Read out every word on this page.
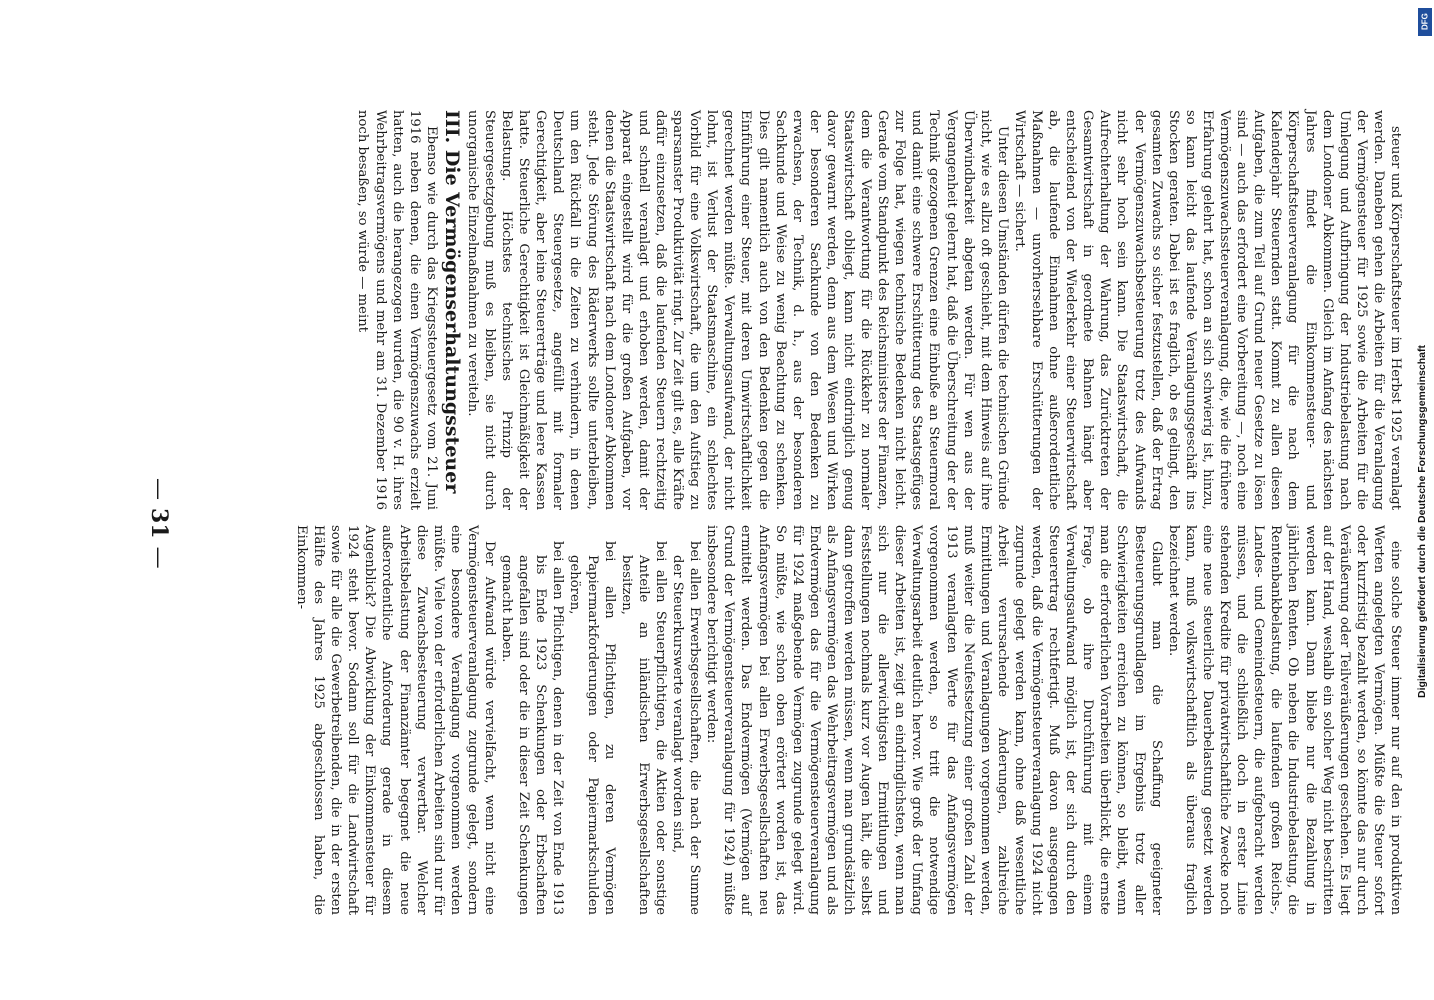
—31—	eine solche Steuer immer nur auf den in produktiven Werten angelegten Vermögen. Müßte die Steuer sofort oder kurzfristig bezahlt werden, so könnte das nur durch Veräußerung oder Teilveräußerungen geschehen. Es liegt auf der Hand, weshalb ein solcher Weg nicht beschritten werden kann. Dann bliebe nur die Bezahlung in jährlichen Renten. Ob neben die Industriebelastung, die Rentenbankbelastung, die laufenden großen Reichs-, Landes- und Gemeindesteuern, die aufgebracht werden müssen, und die schließlich doch in erster Linie stehenden Kredite für privatwirtschaftliche Zwecke noch eine neue steuerliche Dauerbelastung gesetzt werden kann, muß volkswirtschaftlich als überaus fraglich bezeichnet werden.

Glaubt man die Schaffung geeigneter Besteuerungsgrundlagen im Ergebnis trotz aller Schwierigkeiten erreichen zu können, so bleibt, wenn man die erforderlichen Vorarbeiten überblickt, die ernste Frage, ob ihre Durchführung mit einem Verwaltungsaufwand möglich ist, der sich durch den Steuerertrag rechtfertigt. Muß davon ausgegangen werden, daß die Vermögensteuerveranlagung 1924 nicht zugrunde gelegt werden kann, ohne daß wesentliche Arbeit verursachende Änderungen, zahlreiche Ermittlungen und Veranlagungen vorgenommen werden, muß weiter die Neufestsetzung einer großen Zahl der 1913 veranlagten Werte für das Anfangsvermögen vorgenommen werden, so tritt die notwendige Verwaltungsarbeit deutlich hervor. Wie groß der Umfang dieser Arbeiten ist, zeigt an eindringlichsten, wenn man sich nur die allerwichtigsten Ermittlungen und Feststellungen nochmals kurz vor Augen hält, die selbst dann getroffen werden müssen, wenn man grundsätzlich als Anfangsvermögen das Wehrbeitragsvermögen und als Endvermögen das für die Vermögensteuerveranlagung für 1924 maßgebende Vermögen zugrunde gelegt wird. So müßte, wie schon oben erörtert worden ist, das Anfangsvermögen bei allen Erwerbsgesellschaften neu ermittelt werden. Das Endvermögen (Vermögen auf Grund der Vermögensteuerveranlagung für 1924) müßte insbesondere berichtigt werden:

bei allen Erwerbsgesellschaften, die nach der Summe der Steuerkurswerte veranlagt worden sind,
bei allen Steuerpflichtigen, die Aktien oder sonstige Anteile an inländischen Erwerbsgesellschaften besitzen,
bei allen Pflichtigen, zu deren Vermögen Papiermarkforderungen oder Papiermarkschulden gehören,
bei allen Pflichtigen, denen in der Zeit von Ende 1913 bis Ende 1923 Schenkungen oder Erbschaften angefallen sind oder die in dieser Zeit Schenkungen gemacht haben.

Der Aufwand würde vervielfacht, wenn nicht eine Vermögensteuerveranlagung zugrunde gelegt, sondern eine besondere Veranlagung vorgenommen werden müßte. Viele von der erforderlichen Arbeiten sind nur für diese Zuwachsbesteuerung verwertbar. Welcher Arbeitsbelastung der Finanzämter begegnet die neue außerordentliche Anforderung gerade in diesem Augenblick? Die Abwicklung der Einkommensteuer für 1924 steht bevor. Sodann soll für die Landwirtschaft sowie für alle die Gewerbetreibenden, die in der ersten Hälfte des Jahres 1925 abgeschlossen haben, die Einkommen-

steuer und Körperschaftsteuer im Herbst 1925 veranlagt werden. Daneben gehen die Arbeiten für die Veranlagung der Vermögensteuer für 1925 sowie die Arbeiten für die Umlegung und Aufbringung der Industriebelastung nach dem Londoner Abkommen. Gleich im Anfang des nächsten Jahres findet die Einkommensteuer- und Körperschaftsteuerveranlagung für die nach dem Kalenderjahr Steuernden statt. Kommt zu allen diesen Aufgaben, die zum Teil auf Grund neuer Gesetze zu lösen sind — auch das erfordert eine Vorbereitung —, noch eine Vermögenszuwachssteuerveranlagung, die, wie die frühere Erfahrung gelehrt hat, schon an sich schwierig ist, hinzu, so kann leicht das laufende Veranlagungsgeschäft ins Stocken geraten. Dabei ist es fraglich, ob es gelingt, den gesamten Zuwachs so sicher festzustellen, daß der Ertrag der Vermögenszuwachsbesteuerung trotz des Aufwands nicht sehr hoch sein kann. Die Staatswirtschaft, die Aufrechterhaltung der Wahrung, das Zurücktreten der Gesamtwirtschaft in geordnete Bahnen hängt aber entscheidend von der Wiederkehr einer Steuerwirtschaft ab, die laufende Einnahmen ohne außerordentliche Maßnahmen — unvorhersehbare Erschütterungen der Wirtschaft — sichert.

Unter diesen Umständen dürfen die technischen Gründe nicht, wie es allzu oft geschieht, mit dem Hinweis auf ihre Überwindbarkeit abgetan werden. Für wen aus der Vergangenheit gelernt hat, daß die Überschreitung der der Technik gezogenen Grenzen eine Einbuße an Steuermoral und damit eine schwere Erschütterung des Staatsgefüges zur Folge hat, wiegen technische Bedenken nicht leicht. Gerade vom Standpunkt des Reichsministers der Finanzen, dem die Verantwortung für die Rückkehr zu normaler Staatswirtschaft obliegt, kann nicht eindringlich genug davor gewarnt werden, denn aus dem Wesen und Wirken der besonderen Sachkunde von den Bedenken zu erwachsen, der Technik, d. h., aus der besonderen Sachkunde und Weise zu wenig Beachtung zu schenken. Dies gilt namentlich auch von den Bedenken gegen die Einführung einer Steuer, mit deren Umwirtschaftlichkeit gerechnet werden müßte. Verwaltungsaufwand, der nicht lohnt, ist Verlust der Staatsmaschine, ein schlechtes Vorbild für eine Volkswirtschaft, die um den Aufstieg zu sparsamster Produktivität ringt. Zur Zeit gilt es, alle Kräfte dafür einzusetzen, daß die laufenden Steuern rechtzeitig und schnell veranlagt und erhoben werden, damit der Apparat eingestellt wird für die großen Aufgaben, vor denen die Staatswirtschaft nach dem Londoner Abkommen steht. Jede Störung des Räderwerks sollte unterbleiben, um den Rückfall in die Zeiten zu verhindern, in denen Deutschland Steuergesetze, angefüllt mit formaler Gerechtigkeit, aber leine Steuererträge und leere Kassen hatte. Steuerliche Gerechtigkeit ist Gleichmäßigkeit der Belastung. Höchstes technisches Prinzip der Steuergesetzgebung muß es bleiben, sie nicht durch unorganische Einzelmaßnahmen zu vereiteln.

III. Die Vermögenserhaltungssteuer

Ebenso wie durch das Kriegssteuergesetz vom 21. Juni 1916 neben denen, die einen Vermögenszuwachs erzielt hatten, auch die herangezogen wurden, die 90 v. H. ihres Wehrbeitragsvermögens und mehr am 31. Dezember 1916 noch besaßen, so würde — meint

Digitalisierung gefördert durch die Deutsche Forschungsgemeinschaft
DFG
